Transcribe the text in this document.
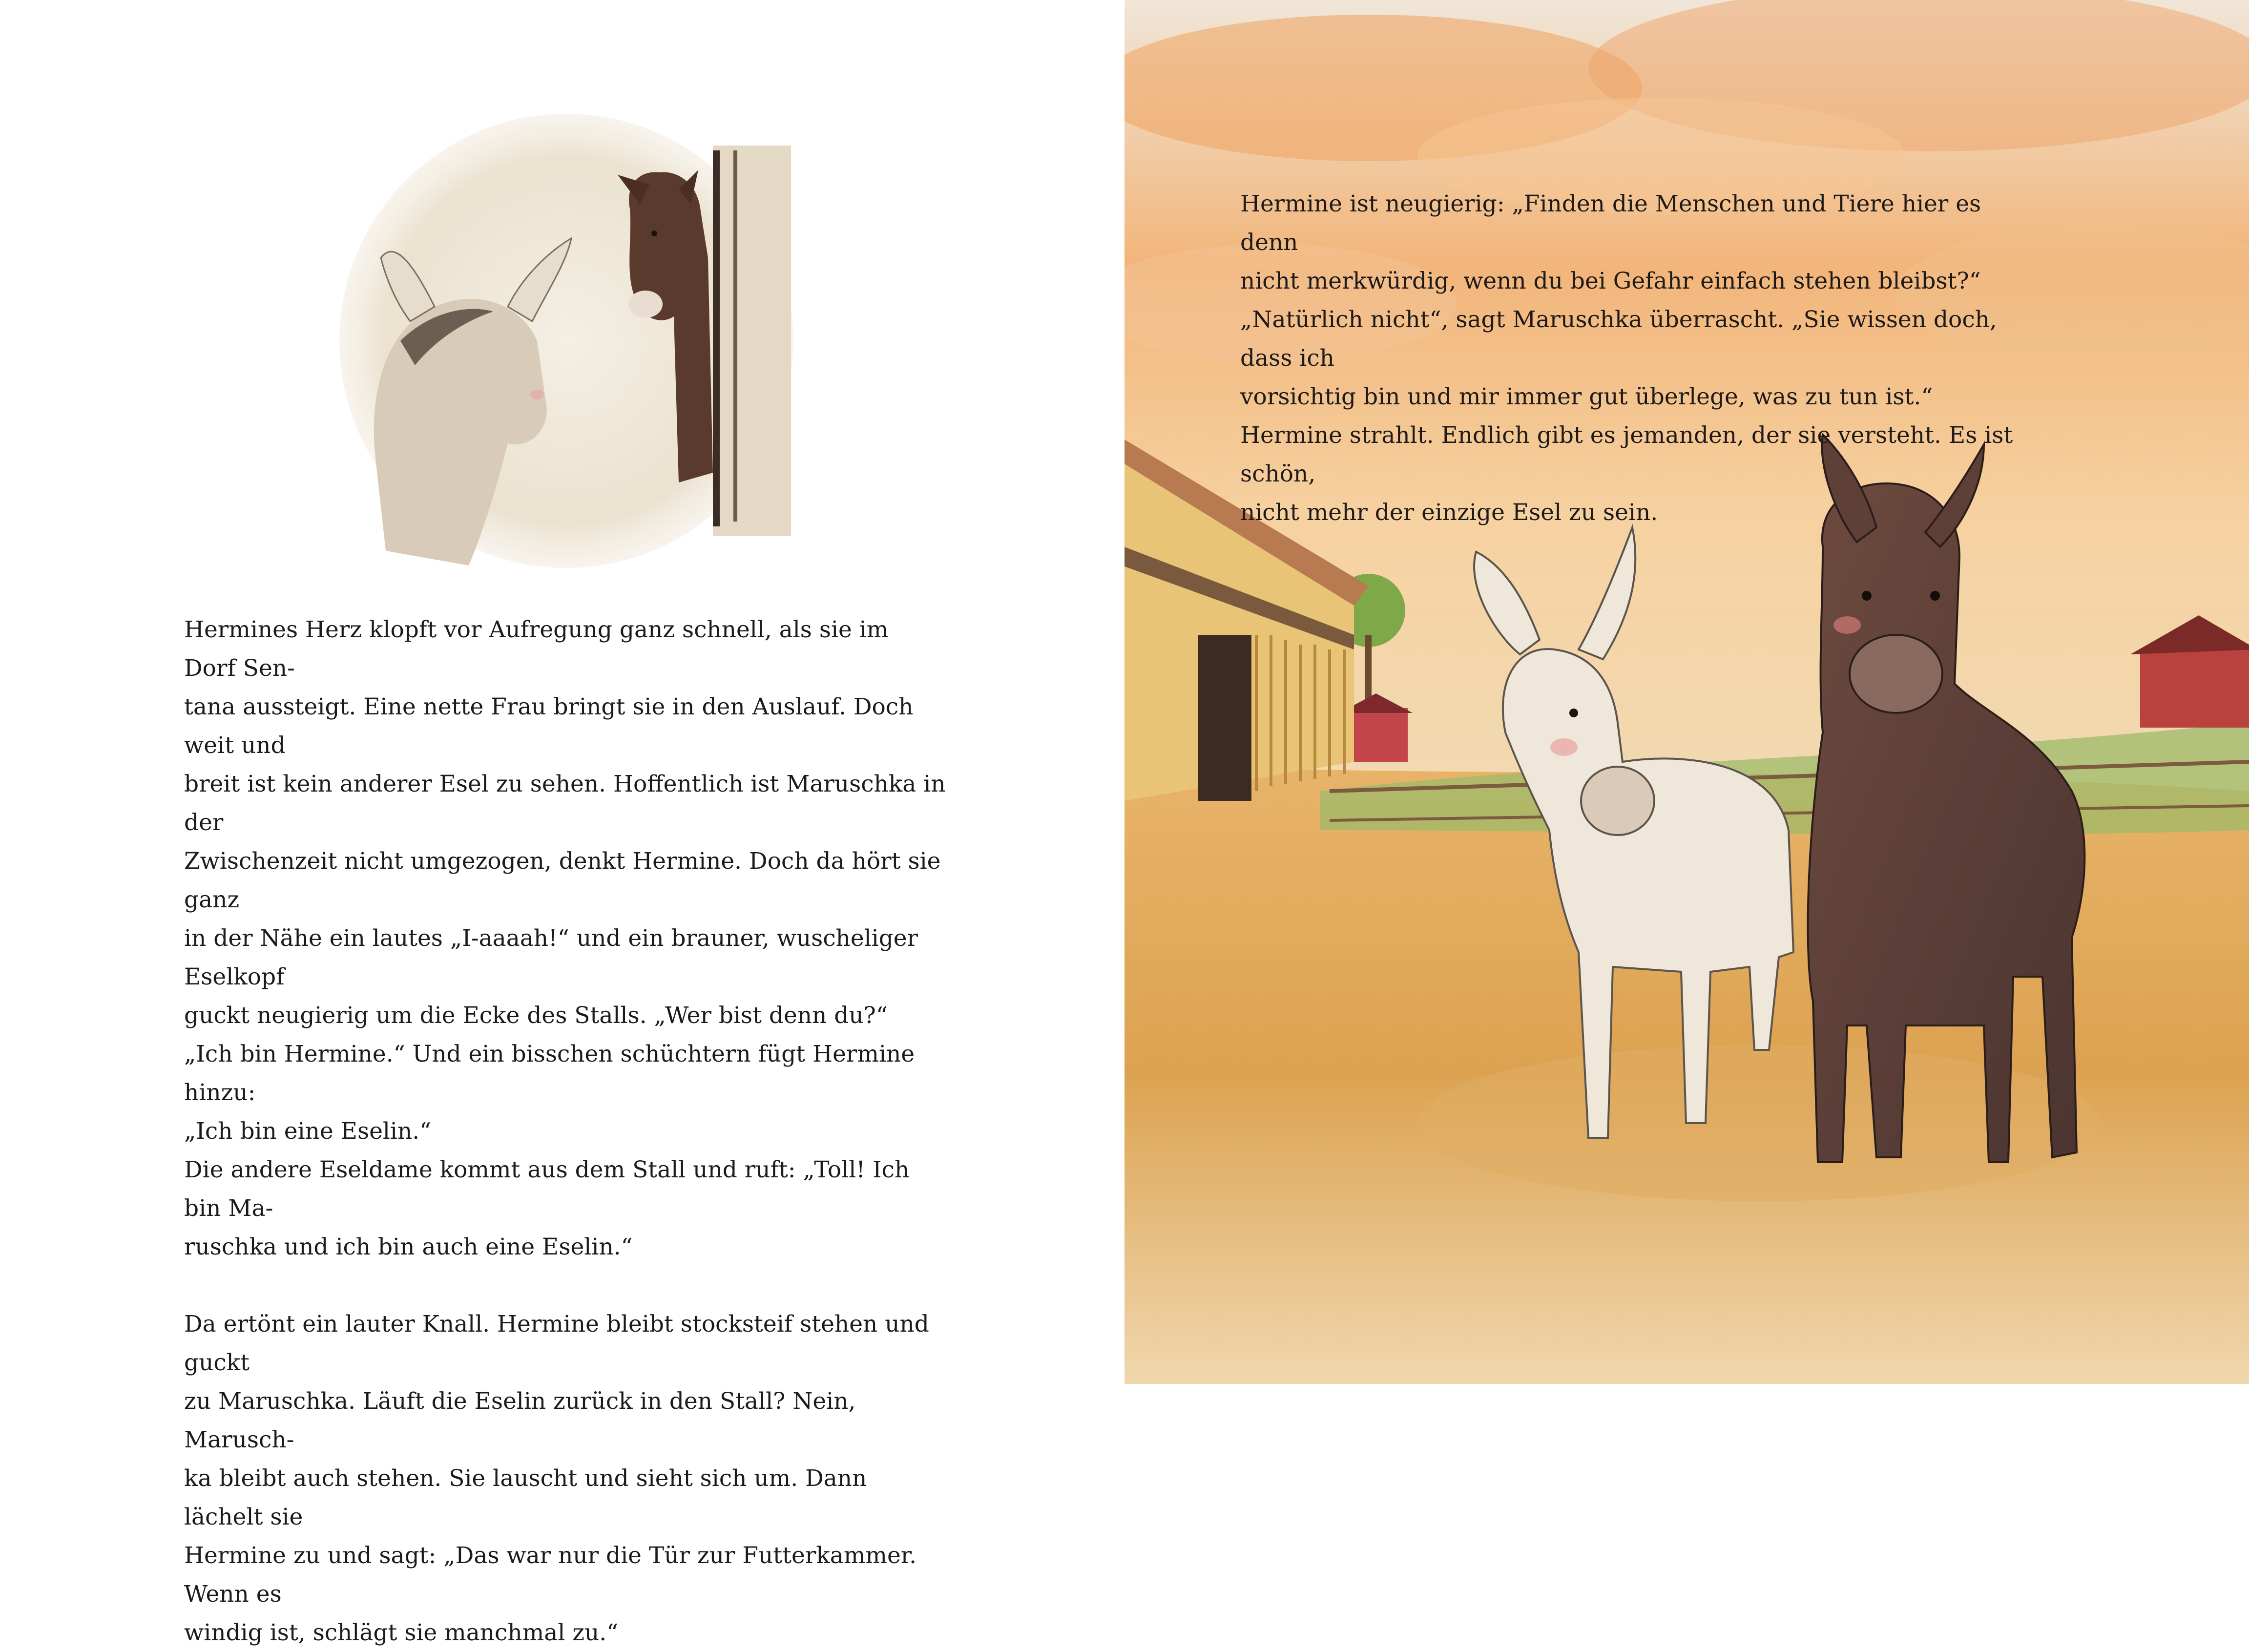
Hermines Herz klopft vor Aufregung ganz schnell, als sie im Dorf Sen-
tana aussteigt. Eine nette Frau bringt sie in den Auslauf. Doch weit und
breit ist kein anderer Esel zu sehen. Hoffentlich ist Maruschka in der
Zwischenzeit nicht umgezogen, denkt Hermine. Doch da hört sie ganz
in der Nähe ein lautes „I-aaaah!“ und ein brauner, wuscheliger Eselkopf
guckt neugierig um die Ecke des Stalls. „Wer bist denn du?“
„Ich bin Hermine.“ Und ein bisschen schüchtern fügt Hermine hinzu:
„Ich bin eine Eselin.“
Die andere Eseldame kommt aus dem Stall und ruft: „Toll! Ich bin Ma-
ruschka und ich bin auch eine Eselin.“

Da ertönt ein lauter Knall. Hermine bleibt stocksteif stehen und guckt
zu Maruschka. Läuft die Eselin zurück in den Stall? Nein, Marusch-
ka bleibt auch stehen. Sie lauscht und sieht sich um. Dann lächelt sie
Hermine zu und sagt: „Das war nur die Tür zur Futterkammer. Wenn es
windig ist, schlägt sie manchmal zu.“

Hermine ist neugierig: „Finden die Menschen und Tiere hier es denn
nicht merkwürdig, wenn du bei Gefahr einfach stehen bleibst?“
„Natürlich nicht“, sagt Maruschka überrascht. „Sie wissen doch, dass ich
vorsichtig bin und mir immer gut überlege, was zu tun ist.“
Hermine strahlt. Endlich gibt es jemanden, der sie versteht. Es ist schön,
nicht mehr der einzige Esel zu sein.
